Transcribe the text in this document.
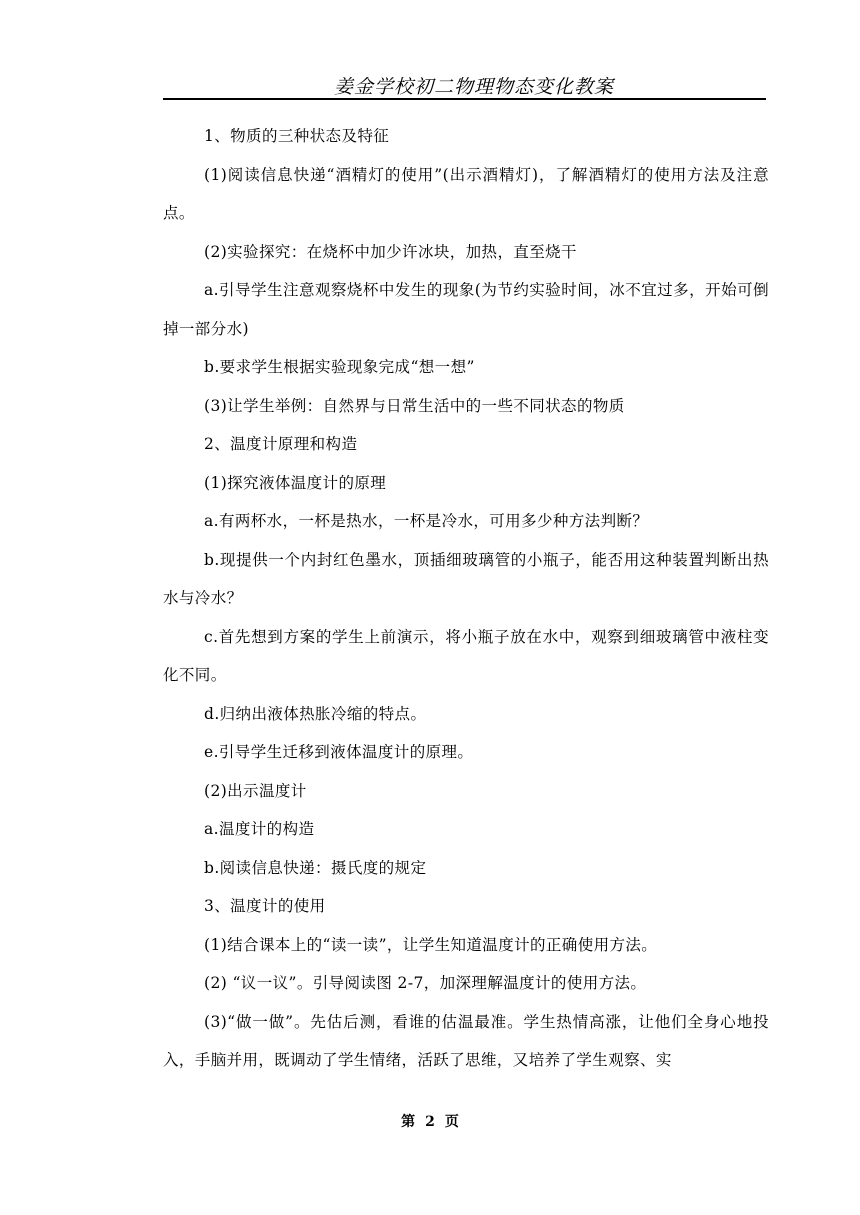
姜金学校初二物理物态变化教案

1、物质的三种状态及特征

(1)阅读信息快递“酒精灯的使用”(出示酒精灯)，了解酒精灯的使用方法及注意点。

(2)实验探究：在烧杯中加少许冰块，加热，直至烧干

a.引导学生注意观察烧杯中发生的现象(为节约实验时间，冰不宜过多，开始可倒掉一部分水)

b.要求学生根据实验现象完成“想一想”

(3)让学生举例：自然界与日常生活中的一些不同状态的物质

2、温度计原理和构造

(1)探究液体温度计的原理

a.有两杯水，一杯是热水，一杯是冷水，可用多少种方法判断？

b.现提供一个内封红色墨水，顶插细玻璃管的小瓶子，能否用这种装置判断出热水与冷水？

c.首先想到方案的学生上前演示，将小瓶子放在水中，观察到细玻璃管中液柱变化不同。

d.归纳出液体热胀冷缩的特点。

e.引导学生迁移到液体温度计的原理。

(2)出示温度计

a.温度计的构造

b.阅读信息快递：摄氏度的规定

3、温度计的使用

(1)结合课本上的“读一读”，让学生知道温度计的正确使用方法。

(2) “议一议”。引导阅读图 2-7，加深理解温度计的使用方法。

(3)“做一做”。先估后测，看谁的估温最准。学生热情高涨，让他们全身心地投入，手脑并用，既调动了学生情绪，活跃了思维，又培养了学生观察、实

第 2 页
